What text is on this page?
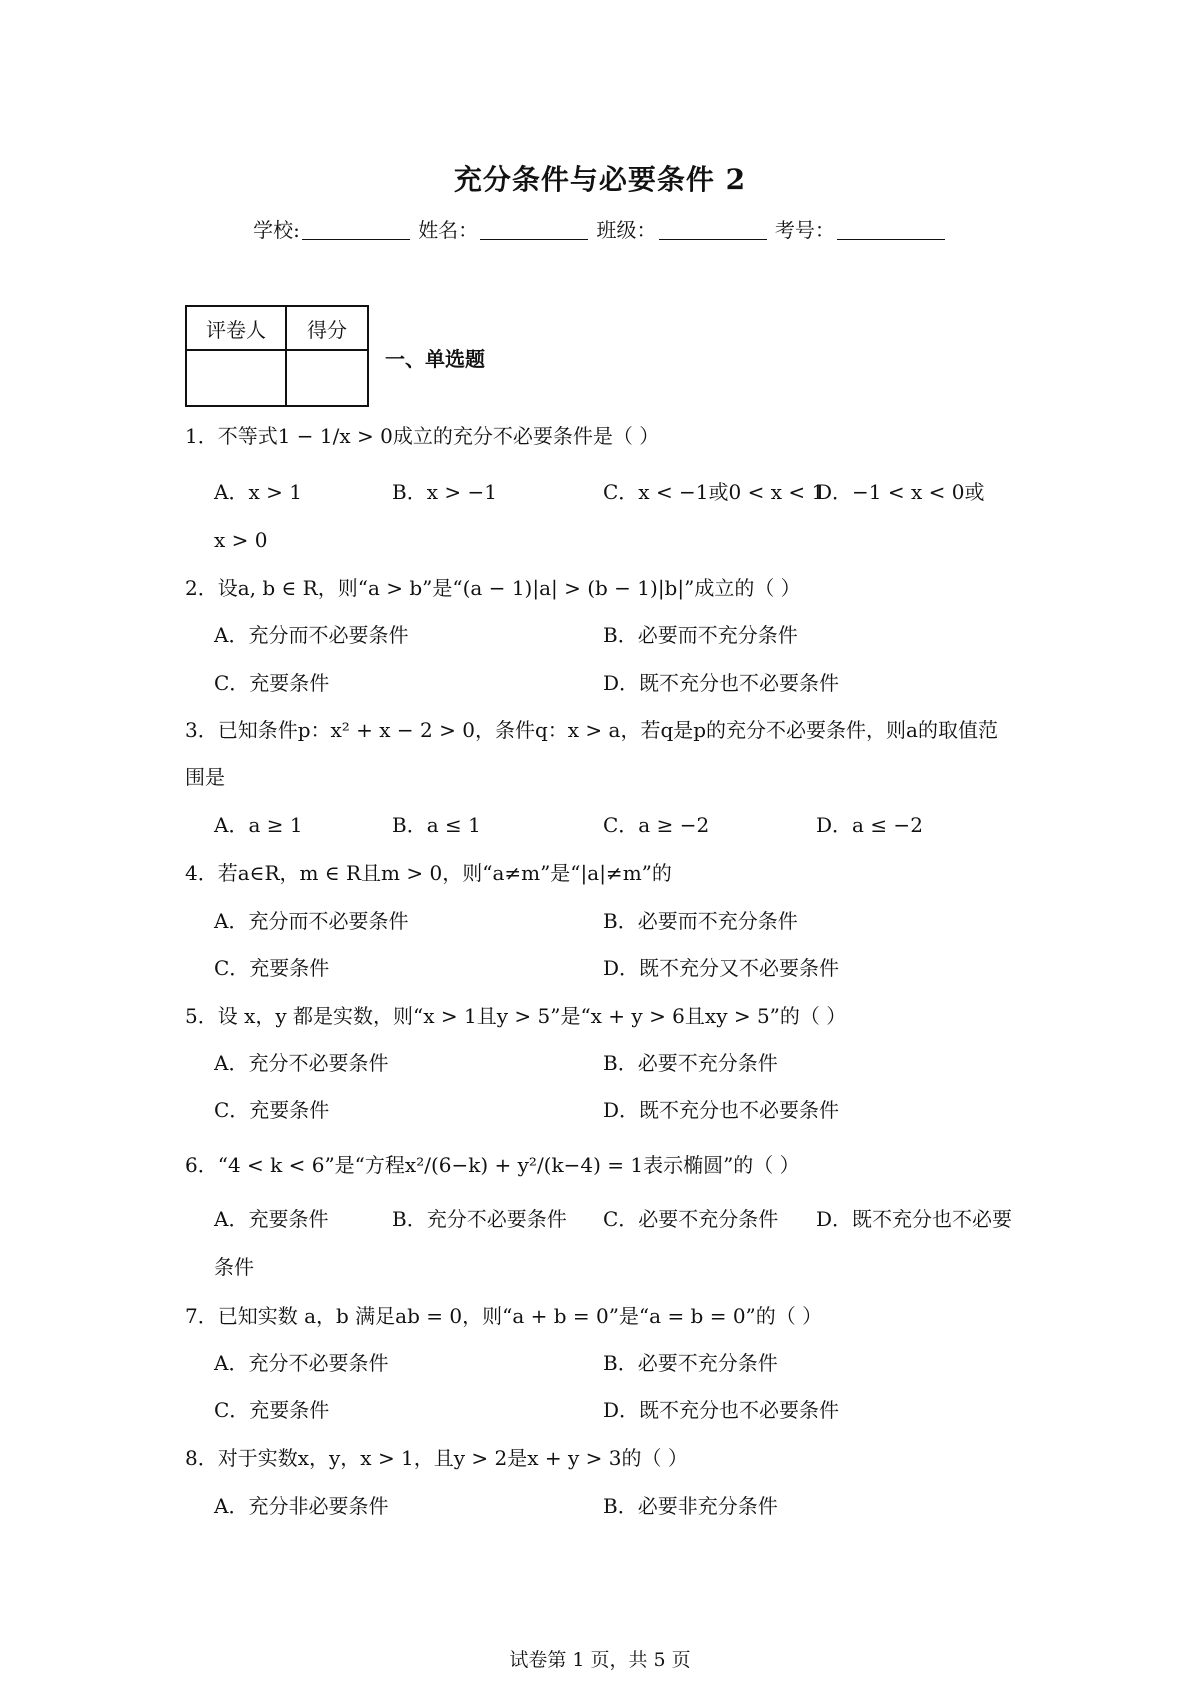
充分条件与必要条件 2
学校:	姓名：	班级：	考号：
评卷人	得分

一、单选题
1．不等式1 − 1/x > 0成立的充分不必要条件是（ ）
A．x > 1	B．x > −1	C．x < −1或0 < x < 1
D．−1 < x < 0或
x > 0
2．设a, b ∈ R，则“a > b”是“(a − 1)|a| > (b − 1)|b|”成立的（ ）
A．充分而不必要条件	B．必要而不充分条件
C．充要条件	D．既不充分也不必要条件
3．已知条件p：x² + x − 2 > 0，条件q：x > a，若q是p的充分不必要条件，则a的取值范
围是
A．a ≥ 1	B．a ≤ 1	C．a ≥ −2	D．a ≤ −2
4．若a∈R，m ∈ R且m > 0，则“a≠m”是“|a|≠m”的
A．充分而不必要条件	B．必要而不充分条件
C．充要条件	D．既不充分又不必要条件
5．设 x，y 都是实数，则“x > 1且y > 5”是“x + y > 6且xy > 5”的（ ）
A．充分不必要条件	B．必要不充分条件
C．充要条件	D．既不充分也不必要条件
6．“4 < k < 6”是“方程x²/(6−k) + y²/(k−4) = 1表示椭圆”的（ ）
A．充要条件	B．充分不必要条件 C．必要不充分条件 D．既不充分也不必要
条件
7．已知实数 a，b 满足ab = 0，则“a + b = 0”是“a = b = 0”的（ ）
A．充分不必要条件	B．必要不充分条件
C．充要条件	D．既不充分也不必要条件
8．对于实数x，y，x > 1，且y > 2是x + y > 3的（ ）
A．充分非必要条件	B．必要非充分条件
试卷第 1 页，共 5 页
